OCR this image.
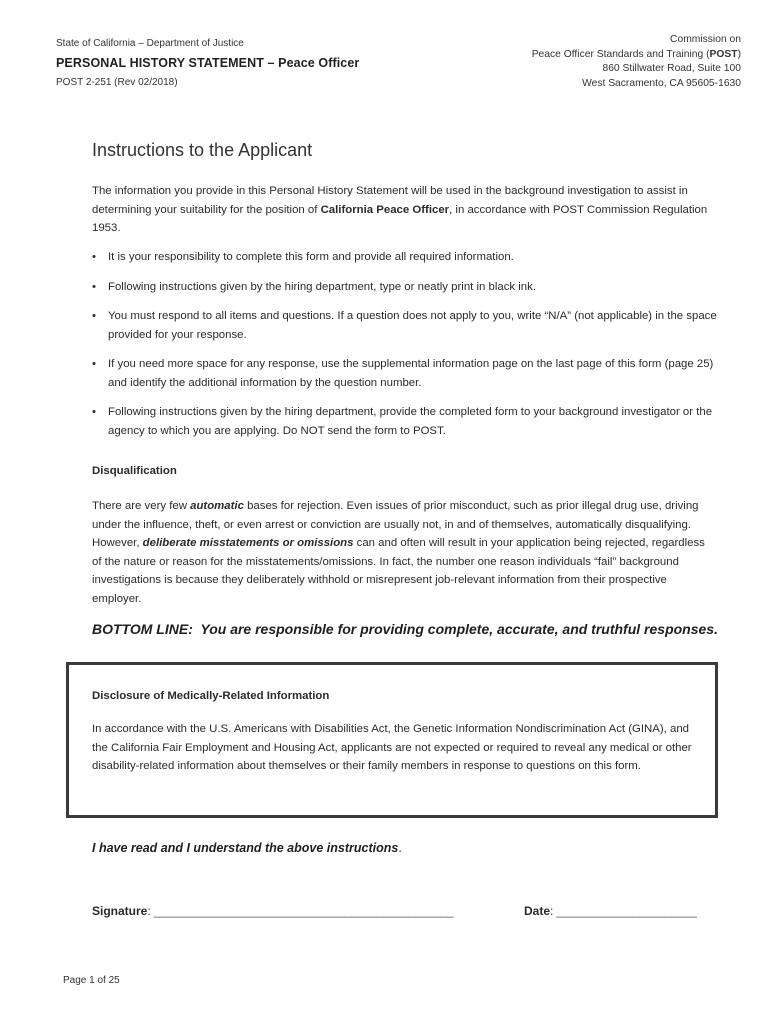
State of California – Department of Justice
PERSONAL HISTORY STATEMENT – Peace Officer
POST 2-251 (Rev 02/2018)
Commission on
Peace Officer Standards and Training (POST)
860 Stillwater Road, Suite 100
West Sacramento, CA 95605-1630
Instructions to the Applicant
The information you provide in this Personal History Statement will be used in the background investigation to assist in determining your suitability for the position of California Peace Officer, in accordance with POST Commission Regulation 1953.
• It is your responsibility to complete this form and provide all required information.
• Following instructions given by the hiring department, type or neatly print in black ink.
• You must respond to all items and questions. If a question does not apply to you, write “N/A” (not applicable) in the space provided for your response.
• If you need more space for any response, use the supplemental information page on the last page of this form (page 25) and identify the additional information by the question number.
• Following instructions given by the hiring department, provide the completed form to your background investigator or the agency to which you are applying. Do NOT send the form to POST.
Disqualification
There are very few automatic bases for rejection. Even issues of prior misconduct, such as prior illegal drug use, driving under the influence, theft, or even arrest or conviction are usually not, in and of themselves, automatically disqualifying. However, deliberate misstatements or omissions can and often will result in your application being rejected, regardless of the nature or reason for the misstatements/omissions. In fact, the number one reason individuals “fail” background investigations is because they deliberately withhold or misrepresent job-relevant information from their prospective employer.
BOTTOM LINE:  You are responsible for providing complete, accurate, and truthful responses.
Disclosure of Medically-Related Information
In accordance with the U.S. Americans with Disabilities Act, the Genetic Information Nondiscrimination Act (GINA), and the California Fair Employment and Housing Act, applicants are not expected or required to reveal any medical or other disability-related information about themselves or their family members in response to questions on this form.
I have read and I understand the above instructions.
Signature: _______________________________________________	Date: ______________________
Page 1 of 25
